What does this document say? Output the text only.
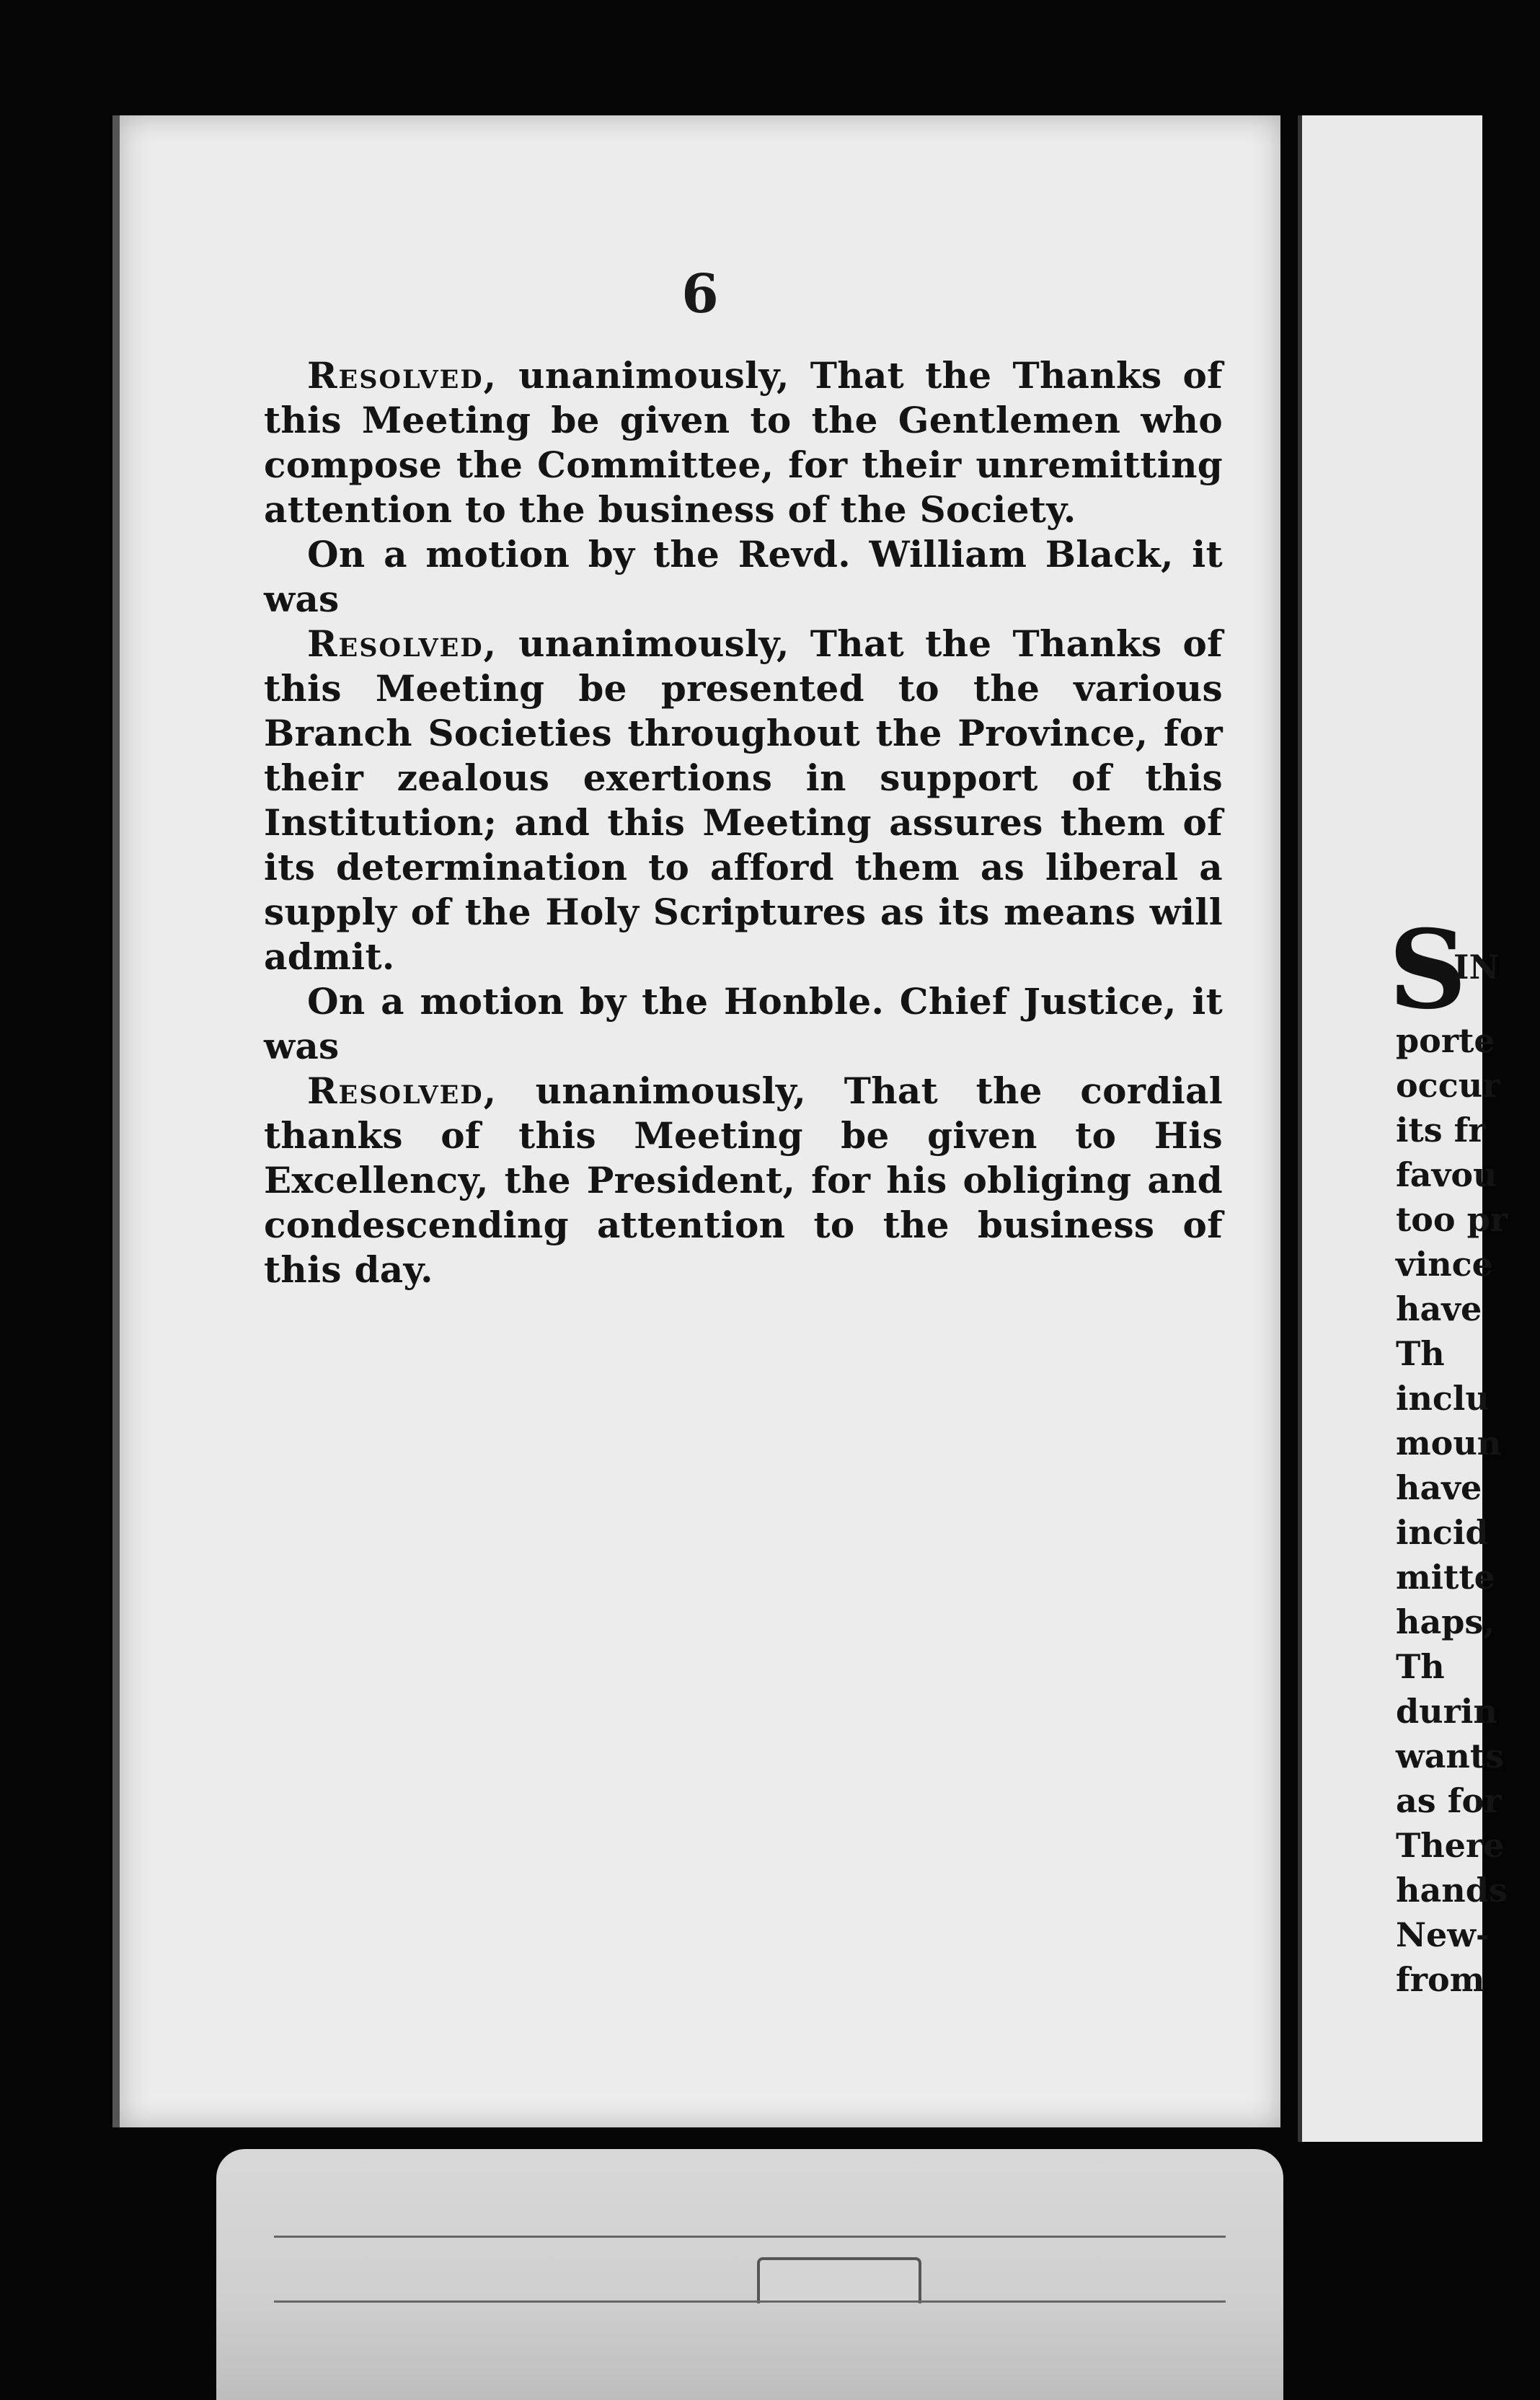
6

Resolved, unanimously, That the Thanks of this Meeting be given to the Gentlemen who compose the Committee, for their unremitting attention to the business of the Society.

On a motion by the Revd. William Black, it was

Resolved, unanimously, That the Thanks of this Meeting be presented to the various Branch Societies throughout the Province, for their zealous exertions in support of this Institution; and this Meeting assures them of its determination to afford them as liberal a supply of the Holy Scriptures as its means will admit.

On a motion by the Honble. Chief Justice, it was

Resolved, unanimously, That the cordial thanks of this Meeting be given to His Excellency, the President, for his obliging and condescending attention to the business of this day.

S

IN

porte

occur

its fr

favou

too pr

vince

have

Th

inclu

moun

have

incid

mitte

haps,

Th

durin

wants

as for

There

hands

New-

from
